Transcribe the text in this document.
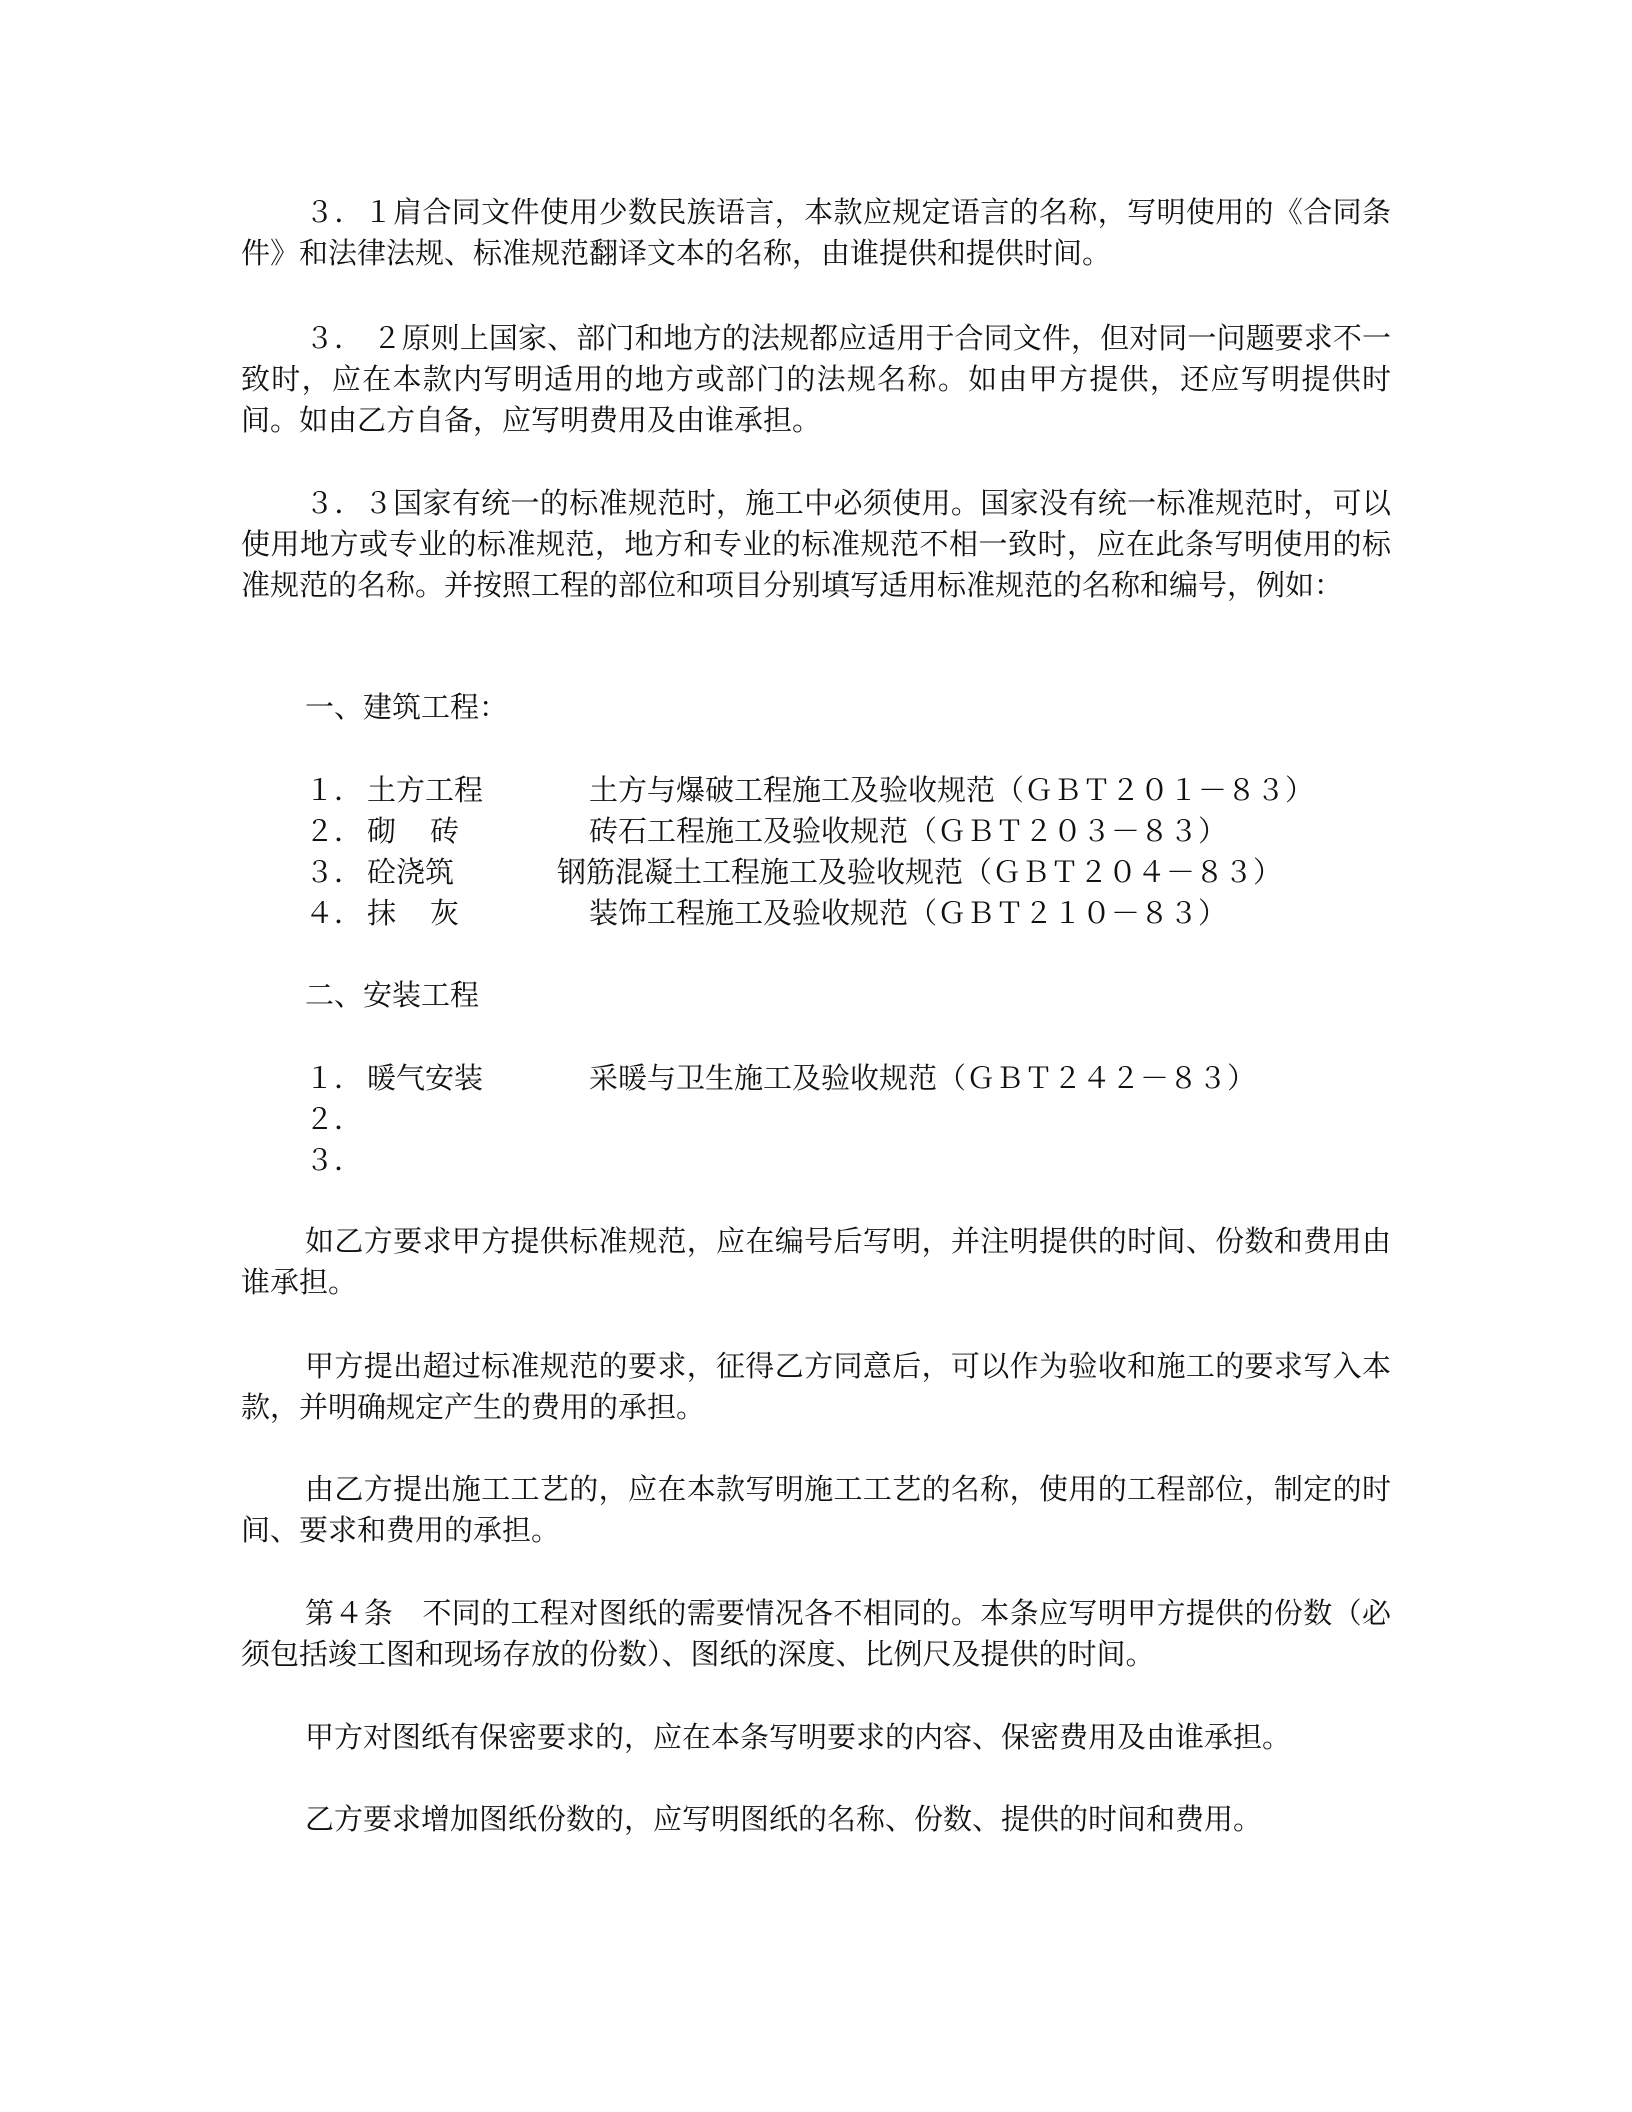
３．１肩合同文件使用少数民族语言，本款应规定语言的名称，写明使用的《合同条件》和法律法规、标准规范翻译文本的名称，由谁提供和提供时间。

３． ２原则上国家、部门和地方的法规都应适用于合同文件，但对同一问题要求不一致时，应在本款内写明适用的地方或部门的法规名称。如由甲方提供，还应写明提供时间。如由乙方自备，应写明费用及由谁承担。

３．３国家有统一的标准规范时，施工中必须使用。国家没有统一标准规范时，可以使用地方或专业的标准规范，地方和专业的标准规范不相一致时，应在此条写明使用的标准规范的名称。并按照工程的部位和项目分别填写适用标准规范的名称和编号，例如：

一、建筑工程：

１． 土方工程	土方与爆破工程施工及验收规范（ＧＢＴ２０１－８３）
２． 砌砖	砖石工程施工及验收规范（ＧＢＴ２０３－８３）
３． 砼浇筑	钢筋混凝土工程施工及验收规范（ＧＢＴ２０４－８３）
４． 抹灰	装饰工程施工及验收规范（ＧＢＴ２１０－８３）

二、安装工程

１． 暖气安装	采暖与卫生施工及验收规范（ＧＢＴ２４２－８３）
２．
３．

如乙方要求甲方提供标准规范，应在编号后写明，并注明提供的时间、份数和费用由谁承担。

甲方提出超过标准规范的要求，征得乙方同意后，可以作为验收和施工的要求写入本款，并明确规定产生的费用的承担。

由乙方提出施工工艺的，应在本款写明施工工艺的名称，使用的工程部位，制定的时间、要求和费用的承担。

第４条　不同的工程对图纸的需要情况各不相同的。本条应写明甲方提供的份数（必须包括竣工图和现场存放的份数）、图纸的深度、比例尺及提供的时间。

甲方对图纸有保密要求的，应在本条写明要求的内容、保密费用及由谁承担。

乙方要求增加图纸份数的，应写明图纸的名称、份数、提供的时间和费用。
